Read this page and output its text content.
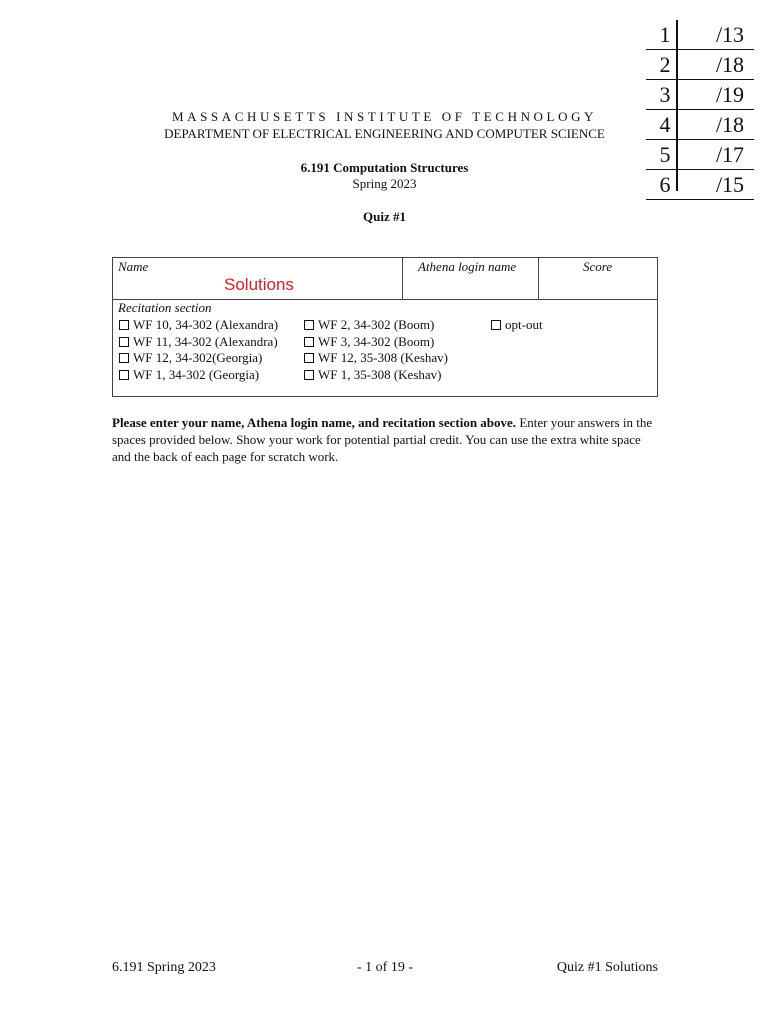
1	/13
2	/18
3	/19
4	/18
5	/17
6	/15
MASSACHUSETTS INSTITUTE OF TECHNOLOGY
DEPARTMENT OF ELECTRICAL ENGINEERING AND COMPUTER SCIENCE
6.191 Computation Structures
Spring 2023
Quiz #1
Name
Solutions
Athena login name	Score
Recitation section
WF 10, 34-302 (Alexandra)
WF 11, 34-302 (Alexandra)
WF 12, 34-302(Georgia)
WF 1, 34-302 (Georgia)
WF 2, 34-302 (Boom)
WF 3, 34-302 (Boom)
WF 12, 35-308 (Keshav)
WF 1, 35-308 (Keshav)
opt-out
Please enter your name, Athena login name, and recitation section above. Enter your answers in the spaces provided below. Show your work for potential partial credit. You can use the extra white space and the back of each page for scratch work.
6.191 Spring 2023	- 1 of 19 -	Quiz #1 Solutions
